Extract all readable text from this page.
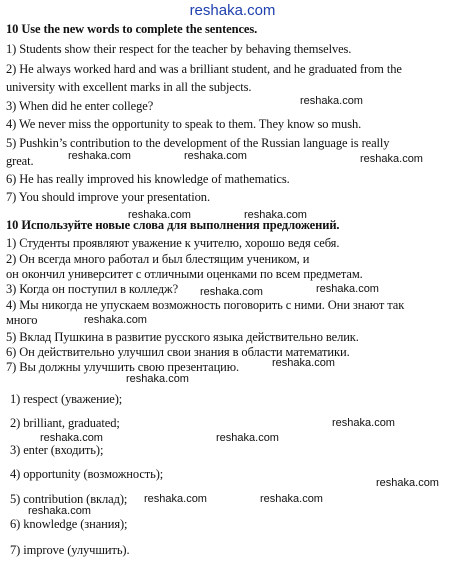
reshaka.com
10 Use the new words to complete the sentences.
1) Students show their respect for the teacher by behaving themselves.
2) He always worked hard and was a brilliant student, and he graduated from the
university with excellent marks in all the subjects.
3) When did he enter college?
4) We never miss the opportunity to speak to them. They know so mush.
5) Pushkin’s contribution to the development of the Russian language is really
great.
6) He has really improved his knowledge of mathematics.
7) You should improve your presentation.
10 Используйте новые слова для выполнения предложений.
1) Студенты проявляют уважение к учителю, хорошо ведя себя.
2) Он всегда много работал и был блестящим учеником, и
он окончил университет с отличными оценками по всем предметам.
3) Когда он поступил в колледж?
4) Мы никогда не упускаем возможность поговорить с ними. Они знают так
много
5) Вклад Пушкина в развитие русского языка действительно велик.
6) Он действительно улучшил свои знания в области математики.
7) Вы должны улучшить свою презентацию.
1) respect (уважение);
2) brilliant, graduated;
3) enter (входить);
4) opportunity (возможность);
5) contribution (вклад);
6) knowledge (знания);
7) improve (улучшить).
reshaka.com
reshaka.com	reshaka.com	reshaka.com
reshaka.com	reshaka.com
reshaka.com	reshaka.com
reshaka.com
reshaka.com
reshaka.com
reshaka.com
reshaka.com	reshaka.com
reshaka.com
reshaka.com	reshaka.com
reshaka.com
